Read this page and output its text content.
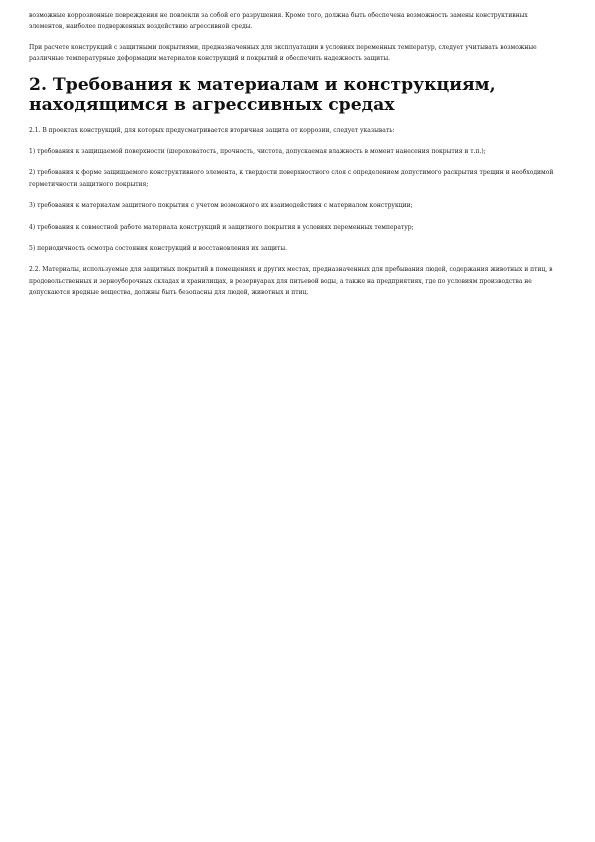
возможные коррозионные повреждения не повлекли за собой его разрушения. Кроме того, должна быть обеспечена возможность замены конструктивных элементов, наиболее подверженных воздействию агрессивной среды.

При расчете конструкций с защитными покрытиями, предназначенных для эксплуатации в условиях переменных температур, следует учитывать возможные различные температурные деформации материалов конструкций и покрытий и обеспечить надежность защиты.

2. Требования к материалам и конструкциям, находящимся в агрессивных средах

2.1. В проектах конструкций, для которых предусматривается вторичная защита от коррозии, следует указывать:

1) требования к защищаемой поверхности (шероховатость, прочность, чистота, допускаемая влажность в момент нанесения покрытия и т.п.);

2) требования к форме защищаемого конструктивного элемента, к твердости поверхностного слоя с определением допустимого раскрытия трещин и необходимой герметичности защитного покрытия;

3) требования к материалам защитного покрытия с учетом возможного их взаимодействия с материалом конструкции;

4) требования к совместной работе материала конструкций и защитного покрытия в условиях переменных температур;

5) периодичность осмотра состояния конструкций и восстановления их защиты.

2.2. Материалы, используемые для защитных покрытий в помещениях и других местах, предназначенных для пребывания людей, содержания животных и птиц, в продовольственных и зерноуборочных складах и хранилищах, в резервуарах для питьевой воды, а также на предприятиях, где по условиям производства не допускаются вредные вещества, должны быть безопасны для людей, животных и птиц.
